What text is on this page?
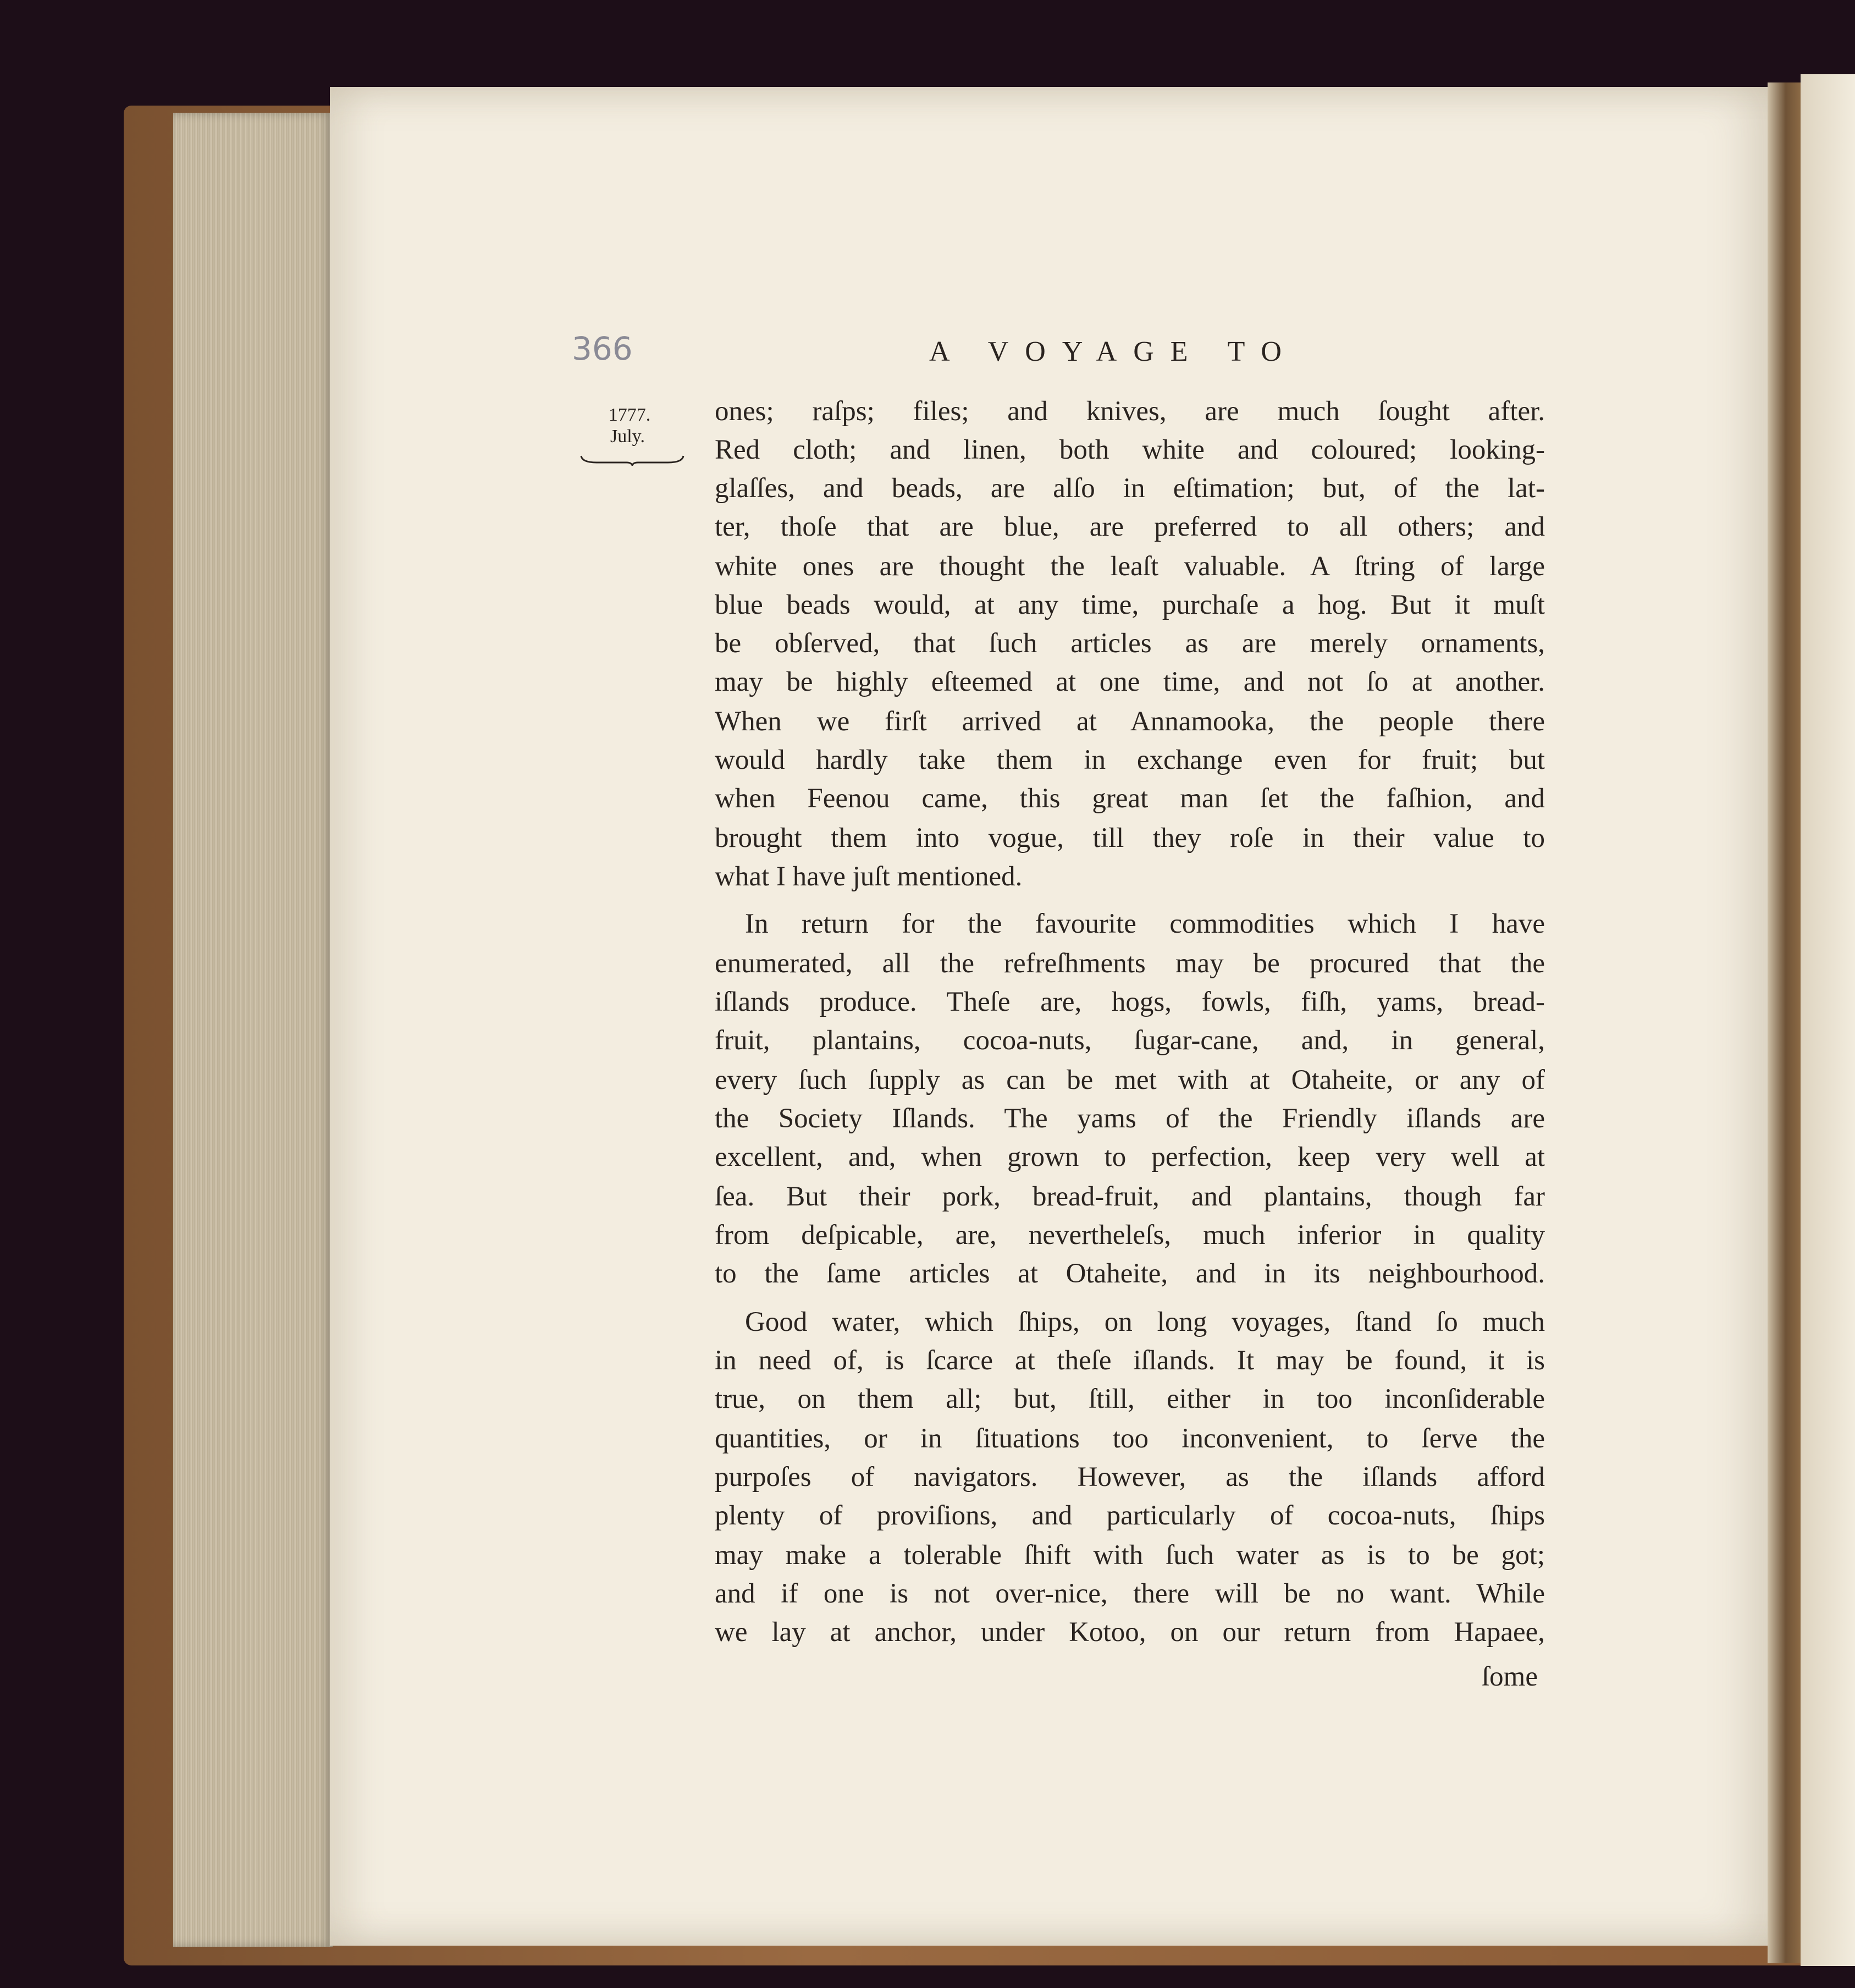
366	A VOYAGE TO
1777.
July.
ones; raſps; files; and knives, are much ſought after.
Red cloth; and linen, both white and coloured; looking-
glaſſes, and beads, are alſo in eſtimation; but, of the lat-
ter, thoſe that are blue, are preferred to all others; and
white ones are thought the leaſt valuable. A ſtring of large
blue beads would, at any time, purchaſe a hog. But it muſt
be obſerved, that ſuch articles as are merely ornaments,
may be highly eſteemed at one time, and not ſo at another.
When we firſt arrived at Annamooka, the people there
would hardly take them in exchange even for fruit; but
when Feenou came, this great man ſet the faſhion, and
brought them into vogue, till they roſe in their value to
what I have juſt mentioned.
In return for the favourite commodities which I have
enumerated, all the refreſhments may be procured that the
iſlands produce. Theſe are, hogs, fowls, fiſh, yams, bread-
fruit, plantains, cocoa-nuts, ſugar-cane, and, in general,
every ſuch ſupply as can be met with at Otaheite, or any of
the Society Iſlands. The yams of the Friendly iſlands are
excellent, and, when grown to perfection, keep very well at
ſea. But their pork, bread-fruit, and plantains, though far
from deſpicable, are, nevertheleſs, much inferior in quality
to the ſame articles at Otaheite, and in its neighbourhood.
Good water, which ſhips, on long voyages, ſtand ſo much
in need of, is ſcarce at theſe iſlands. It may be found, it is
true, on them all; but, ſtill, either in too inconſiderable
quantities, or in ſituations too inconvenient, to ſerve the
purpoſes of navigators. However, as the iſlands afford
plenty of proviſions, and particularly of cocoa-nuts, ſhips
may make a tolerable ſhift with ſuch water as is to be got;
and if one is not over-nice, there will be no want. While
we lay at anchor, under Kotoo, on our return from Hapaee,
ſome
